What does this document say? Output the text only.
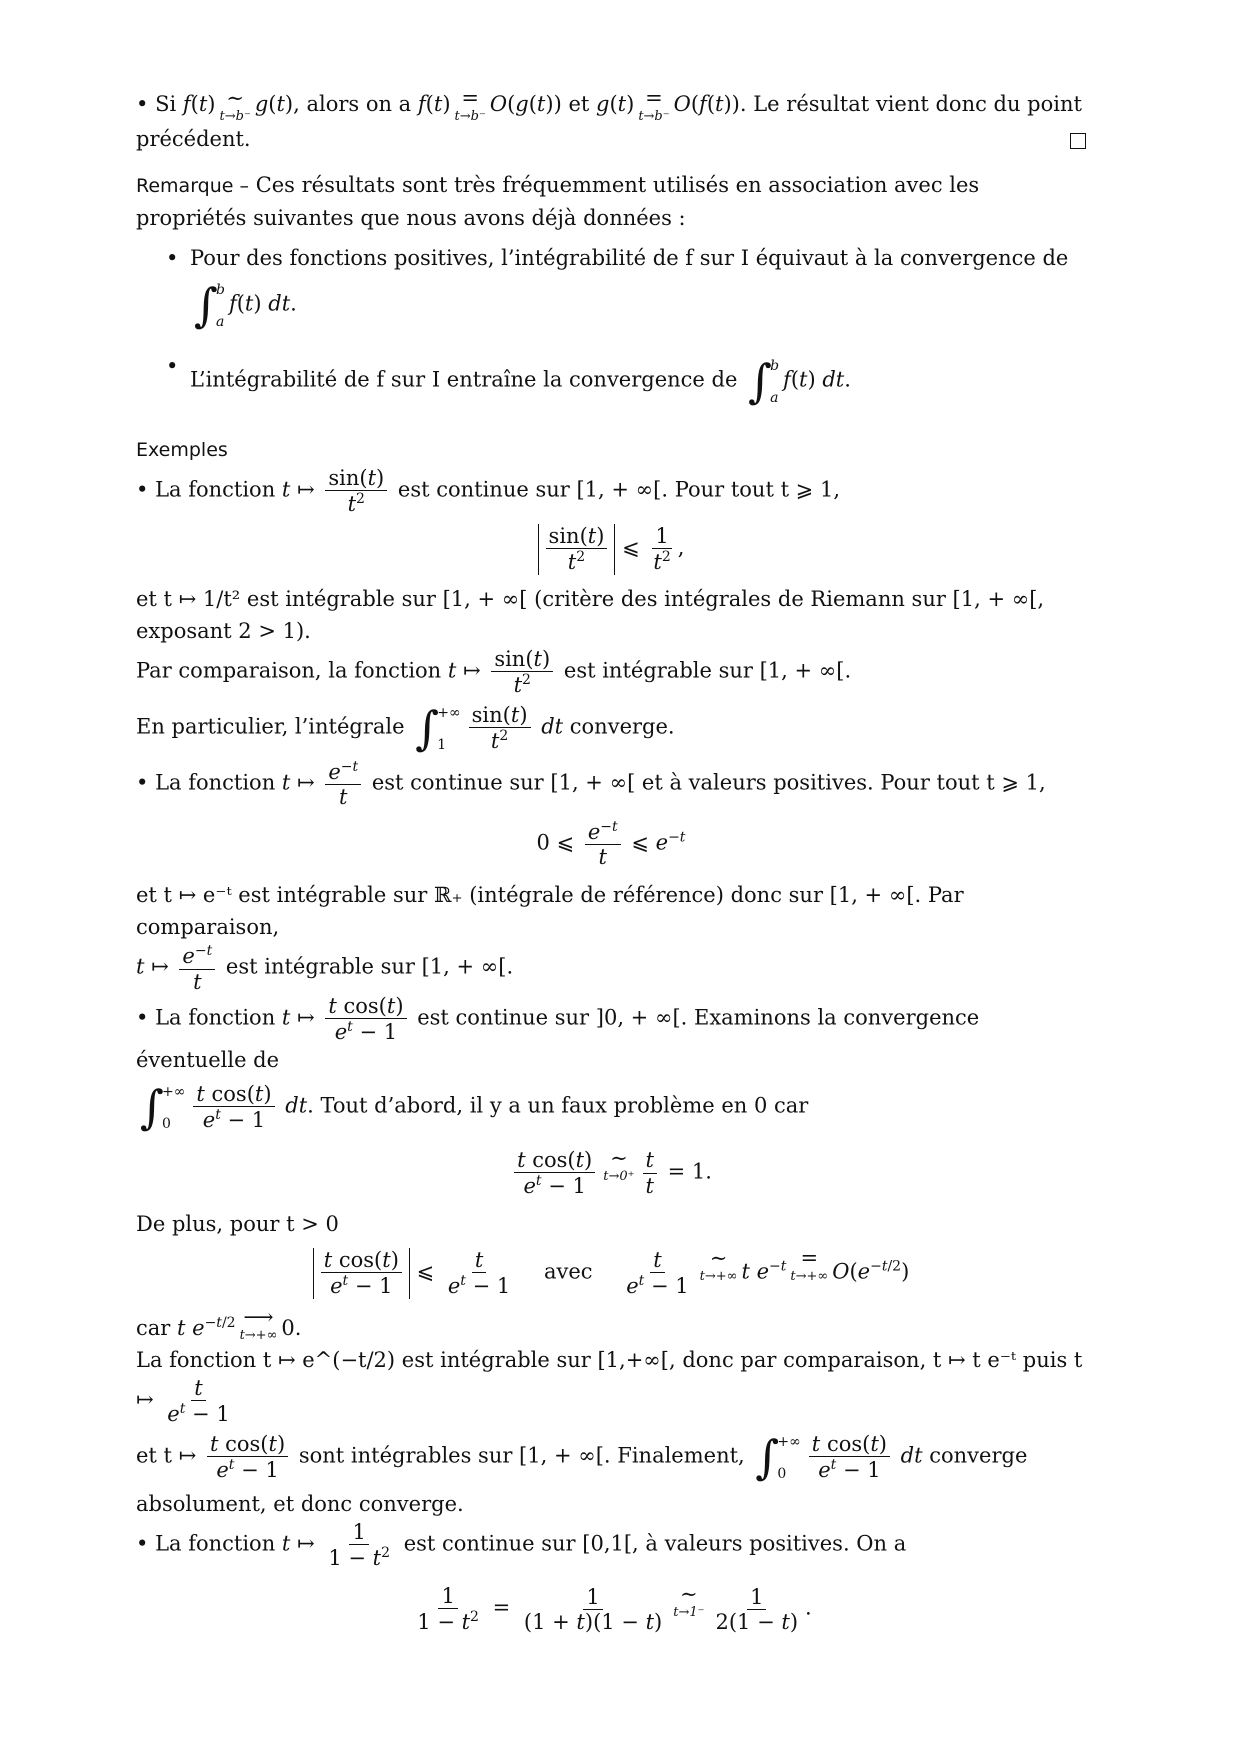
• Si f(t) ∼
t→b⁻
g(t), alors on a f(t) =
t→b⁻
O(g(t)) et g(t) =
t→b⁻
O(f(t)). Le résultat vient donc du point précédent.

Remarque – Ces résultats sont très fréquemment utilisés en association avec les propriétés suivantes que nous avons déjà données :

• Pour des fonctions positives, l’intégrabilité de f sur I équivaut à la convergence de
∫
b
a
f(t) dt.
• L’intégrabilité de f sur I entraîne la convergence de ∫
b
a
f(t) dt.

Exemples

• La fonction t ↦ $\frac{\sin(t)}{t^2}$ est continue sur [1, + ∞[. Pour tout t ⩾ 1,

$\frac{\sin(t)}{t^2}$ ⩽ $\frac{1}{t^2}$ ,

et t ↦ 1/t² est intégrable sur [1, + ∞[ (critère des intégrales de Riemann sur [1, + ∞[, exposant 2 > 1).

Par comparaison, la fonction t ↦ $\frac{\sin(t)}{t^2}$ est intégrable sur [1, + ∞[.

En particulier, l’intégrale ∫
+∞
1	$\frac{\sin(t)}{t^2}$ dt converge.

• La fonction t ↦ $\frac{e^{-t}}{t}$ est continue sur [1, + ∞[ et à valeurs positives. Pour tout t ⩾ 1,

0 ⩽ $\frac{e^{-t}}{t}$ ⩽ $e^{-t}$

et t ↦ e⁻ᵗ est intégrable sur ℝ₊ (intégrale de référence) donc sur [1, + ∞[. Par comparaison,

t ↦ $\frac{e^{-t}}{t}$ est intégrable sur [1, + ∞[.

• La fonction t ↦ $\frac{\text{t cos(t)}}{e^t - 1}$ est continue sur ]0, + ∞[. Examinons la convergence éventuelle de

∫
+∞
0	$\frac{\text{t cos(t)}}{e^t - 1}$ dt. Tout d’abord, il y a un faux problème en 0 car

$\frac{\text{t cos(t)}}{e^t - 1}$ ∼
$t\to 0^+ \frac{t}{t} = 1$.

De plus, pour t > 0

$\frac{\text{t cos(t)}}{e^t - 1}$ ⩽ $\frac{t}{e^t - 1}$ avec $\frac{t}{e^t - 1}$ ∼
t→+∞ t $e^{-t}$ =
t→+∞ $O(e^{-t/2})$

car t $e^{-t/2}$ ⟶
t→+∞ 0.

La fonction t ↦ e^(−t/2) est intégrable sur [1,+∞[, donc par comparaison, t ↦ t e⁻ᵗ puis t ↦ $\frac{t}{e^t - 1}$

et t ↦ $\frac{\text{t cos(t)}}{e^t - 1}$ sont intégrables sur [1, + ∞[. Finalement, ∫
+∞
0	$\frac{\text{t cos(t)}}{e^t - 1}$ dt converge absolument, et donc converge.

• La fonction t ↦ $\frac{1}{1 - t^2}$ est continue sur [0,1[, à valeurs positives. On a

$\frac{1}{1 - t^2} = \frac{1}{(1 + t)(1 - t)}$ ∼
$t\to 1^- \frac{1}{2(1 - t)}$ .
